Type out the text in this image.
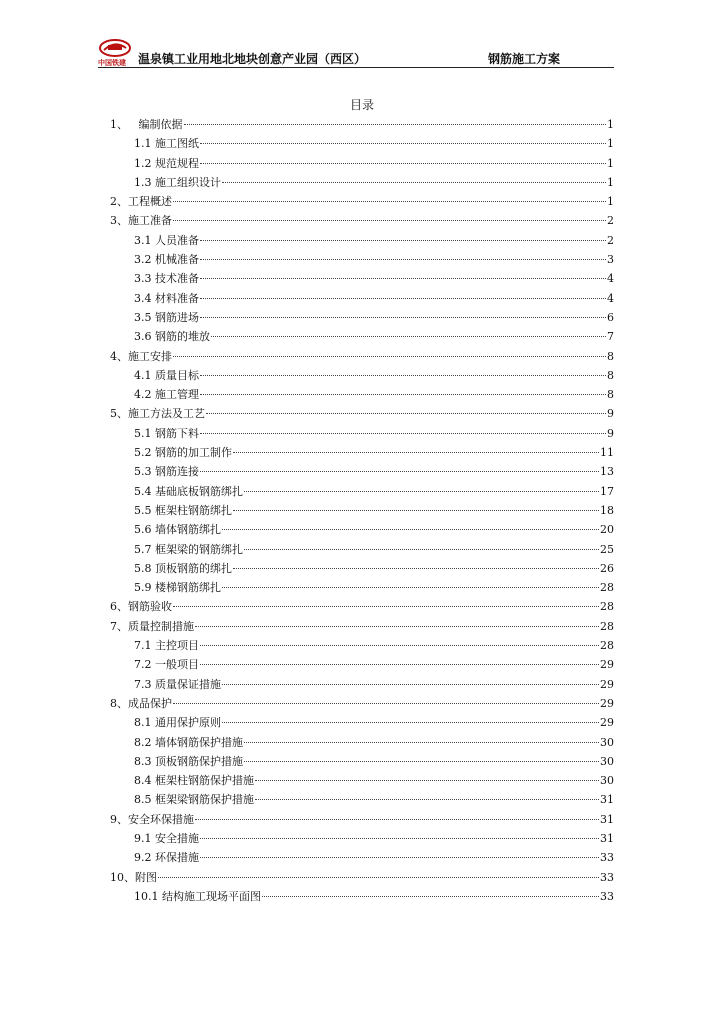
中国铁建 温泉镇工业用地北地块创意产业园（西区）	钢筋施工方案
目录
1、 编制依据	1
1.1 施工图纸	1
1.2 规范规程	1
1.3 施工组织设计	1
2、 工程概述	1
3、 施工准备	2
3.1 人员准备	2
3.2 机械准备	3
3.3 技术准备	4
3.4 材料准备	4
3.5 钢筋进场	6
3.6 钢筋的堆放	7
4、 施工安排	8
4.1 质量目标	8
4.2 施工管理	8
5、 施工方法及工艺	9
5.1 钢筋下料	9
5.2 钢筋的加工制作	11
5.3 钢筋连接	13
5.4 基础底板钢筋绑扎	17
5.5 框架柱钢筋绑扎	18
5.6 墙体钢筋绑扎	20
5.7 框架梁的钢筋绑扎	25
5.8 顶板钢筋的绑扎	26
5.9 楼梯钢筋绑扎	28
6、 钢筋验收	28
7、 质量控制措施	28
7.1 主控项目	28
7.2 一般项目	29
7.3 质量保证措施	29
8、 成品保护	29
8.1 通用保护原则	29
8.2 墙体钢筋保护措施	30
8.3 顶板钢筋保护措施	30
8.4 框架柱钢筋保护措施	30
8.5 框架梁钢筋保护措施	31
9、 安全环保措施	31
9.1 安全措施	31
9.2 环保措施	33
10、 附图	33
10.1 结构施工现场平面图	33
